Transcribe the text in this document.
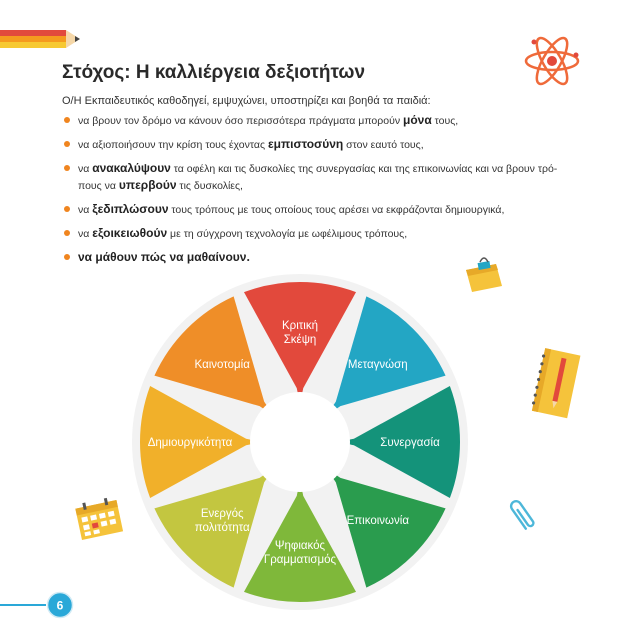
Στόχος: Η καλλιέργεια δεξιοτήτων
Ο/Η Εκπαιδευτικός καθοδηγεί, εμψυχώνει, υποστηρίζει και βοηθά τα παιδιά:
να βρουν τον δρόμο να κάνουν όσο περισσότερα πράγματα μπορούν μόνα τους,
να αξιοποιήσουν την κρίση τους έχοντας εμπιστοσύνη στον εαυτό τους,
να ανακαλύψουν τα οφέλη και τις δυσκολίες της συνεργασίας και της επικοινωνίας και να βρουν τρό-
πους να υπερβούν τις δυσκολίες,
να ξεδιπλώσουν τους τρόπους με τους οποίους τους αρέσει να εκφράζονται δημιουργικά,
να εξοικειωθούν με τη σύγχρονη τεχνολογία με ωφέλιμους τρόπους,
να μάθουν πώς να μαθαίνουν.
Κριτική
Σκέψη
Μεταγνώση
Συνεργασία
Επικοινωνία
Ψηφιακός
Γραμματισμός
Ενεργός
πολιτότητα
Δημιουργικότητα
Καινοτομία
6
